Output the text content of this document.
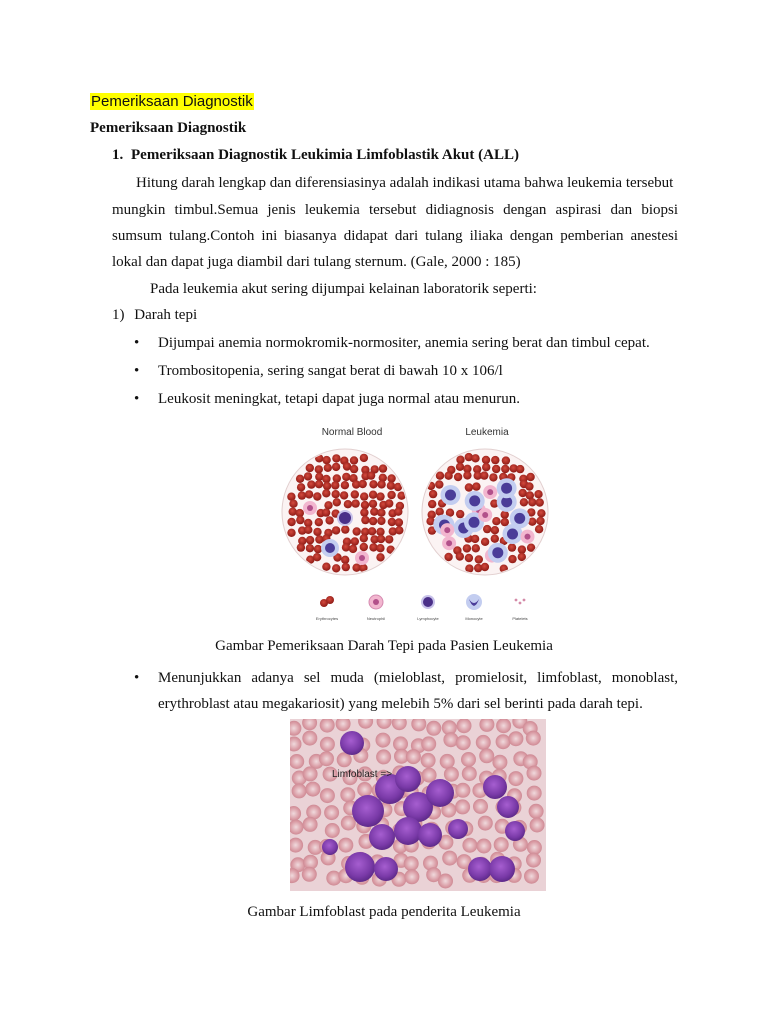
Pemeriksaan Diagnostik
Pemeriksaan Diagnostik
1. Pemeriksaan Diagnostik Leukimia Limfoblastik Akut (ALL)
Hitung darah lengkap dan diferensiasinya adalah indikasi utama bahwa leukemia tersebut
mungkin timbul.Semua jenis leukemia tersebut didiagnosis dengan aspirasi dan biopsi
sumsum tulang.Contoh ini biasanya didapat dari tulang iliaka dengan pemberian anestesi
lokal dan dapat juga diambil dari tulang sternum. (Gale, 2000 : 185)
Pada leukemia akut sering dijumpai kelainan laboratorik seperti:
1) Darah tepi
• Dijumpai anemia normokromik-normositer, anemia sering berat dan timbul cepat.
• Trombositopenia, sering sangat berat di bawah 10 x 106/l
• Leukosit meningkat, tetapi dapat juga normal atau menurun.
Normal Blood	Leukemia
Erythrocytes	Neutrophil	Lymphocyte	Monocyte	Platelets
Gambar Pemeriksaan Darah Tepi pada Pasien Leukemia
• Menunjukkan adanya sel muda (mieloblast, promielosit, limfoblast, monoblast,
erythroblast atau megakariosit) yang melebih 5% dari sel berinti pada darah tepi.
Limfoblast =>
Gambar Limfoblast pada penderita Leukemia
